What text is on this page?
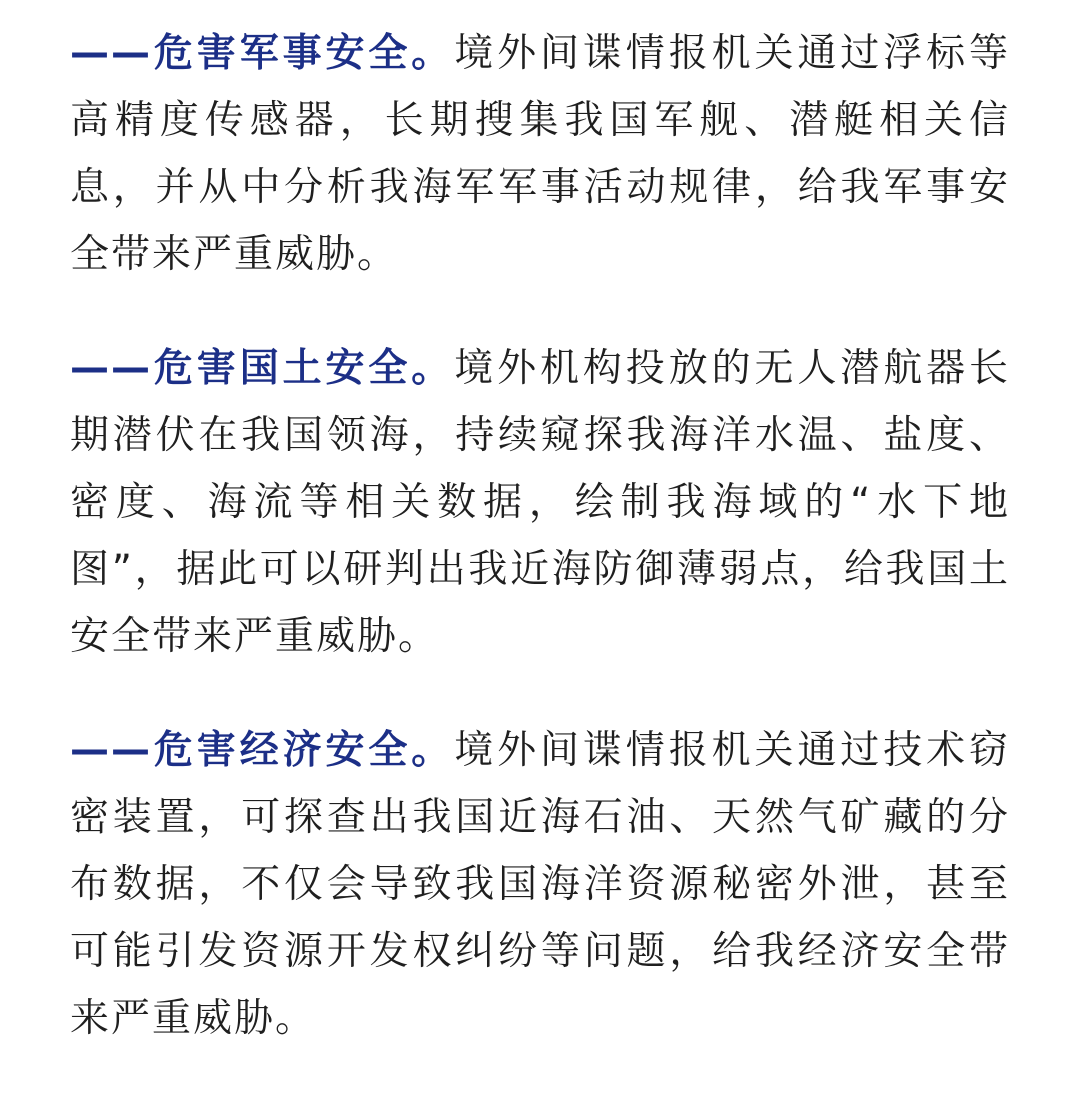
——危害军事安全。境外间谍情报机关通过浮标等高精度传感器，长期搜集我国军舰、潜艇相关信息，并从中分析我海军军事活动规律，给我军事安全带来严重威胁。

——危害国土安全。境外机构投放的无人潜航器长期潜伏在我国领海，持续窥探我海洋水温、盐度、密度、海流等相关数据，绘制我海域的“水下地图”，据此可以研判出我近海防御薄弱点，给我国土安全带来严重威胁。

——危害经济安全。境外间谍情报机关通过技术窃密装置，可探查出我国近海石油、天然气矿藏的分布数据，不仅会导致我国海洋资源秘密外泄，甚至可能引发资源开发权纠纷等问题，给我经济安全带来严重威胁。
